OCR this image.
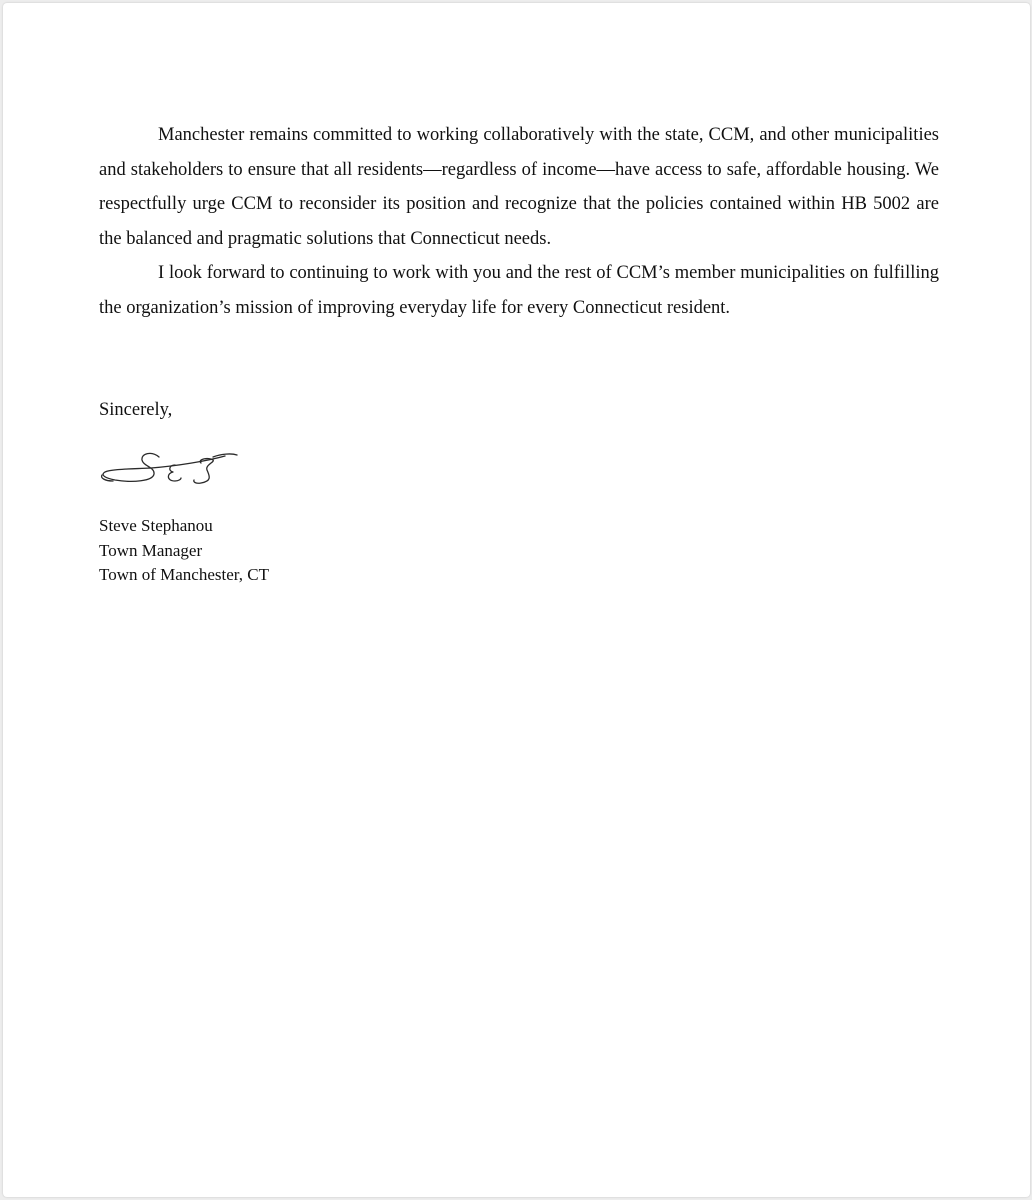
Manchester remains committed to working collaboratively with the state, CCM, and other municipalities and stakeholders to ensure that all residents—regardless of income—have access to safe, affordable housing. We respectfully urge CCM to reconsider its position and recognize that the policies contained within HB 5002 are the balanced and pragmatic solutions that Connecticut needs.

I look forward to continuing to work with you and the rest of CCM’s member municipalities on fulfilling the organization’s mission of improving everyday life for every Connecticut resident.

Sincerely,
Steve Stephanou
Town Manager
Town of Manchester, CT
